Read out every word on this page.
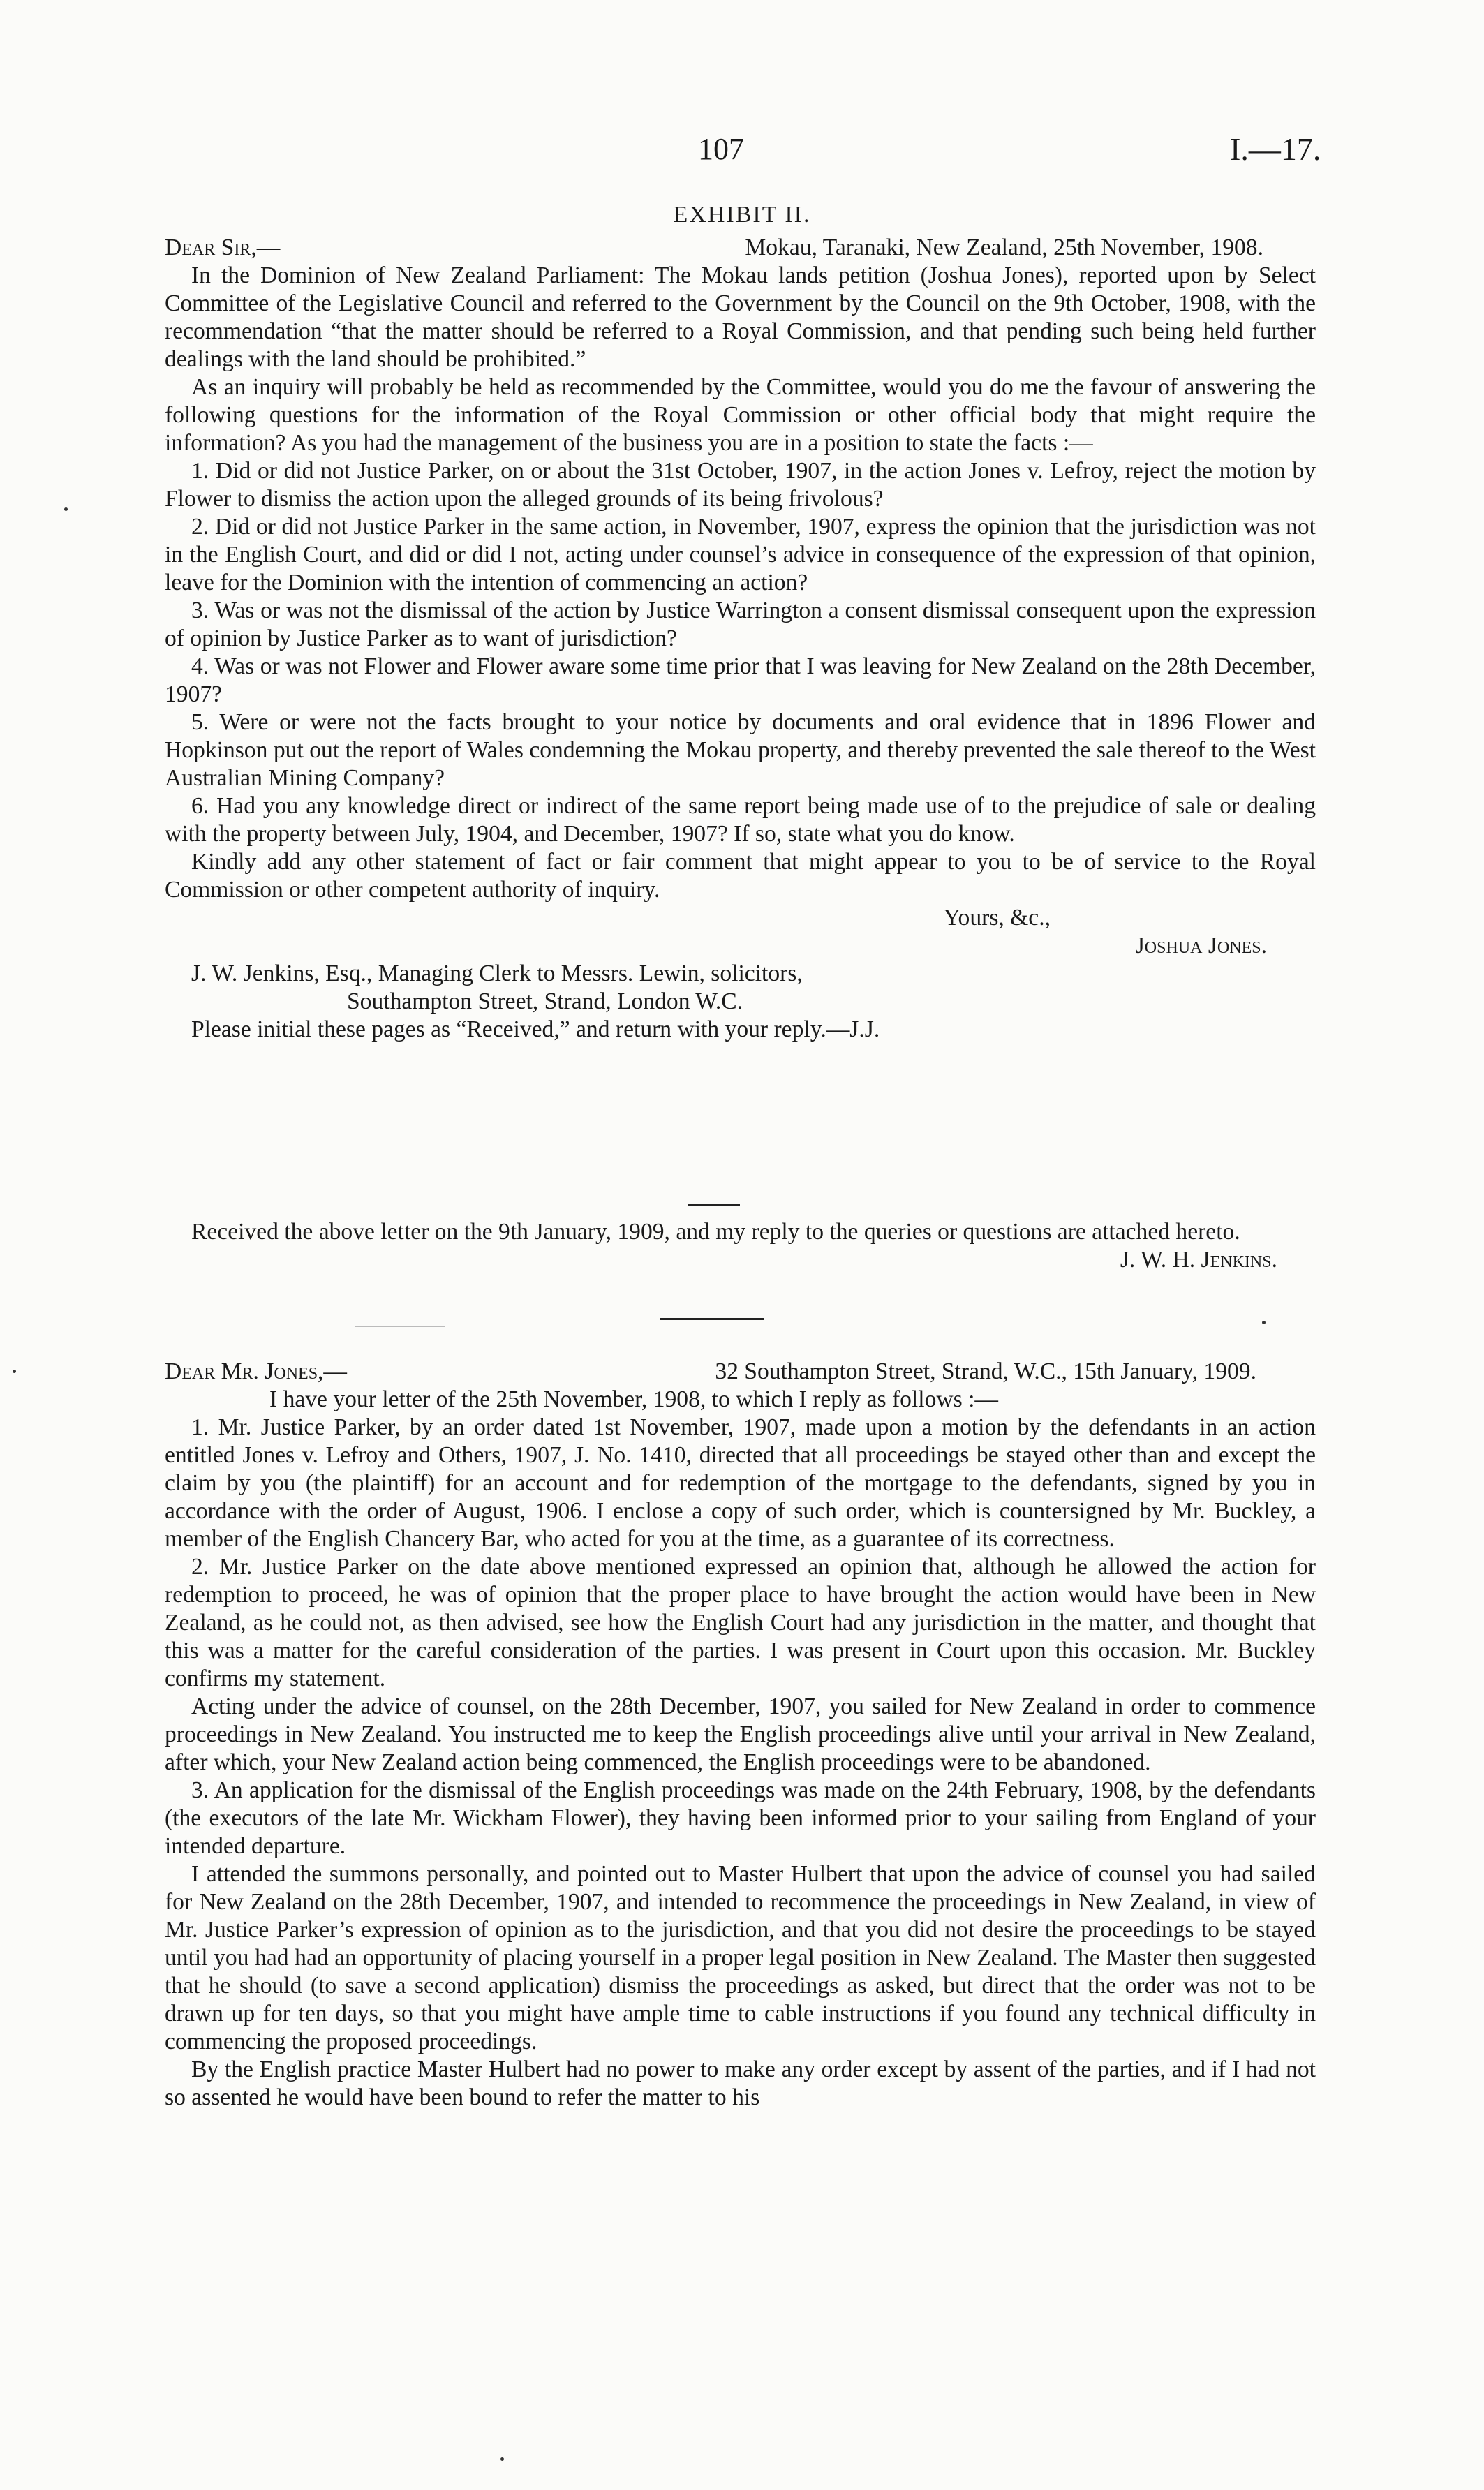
107	I.—17.
EXHIBIT II.
Dear Sir,—	Mokau, Taranaki, New Zealand, 25th November, 1908.

In the Dominion of New Zealand Parliament: The Mokau lands petition (Joshua Jones), reported upon by Select Committee of the Legislative Council and referred to the Government by the Council on the 9th October, 1908, with the recommendation “that the matter should be referred to a Royal Commission, and that pending such being held further dealings with the land should be prohibited.”

As an inquiry will probably be held as recommended by the Committee, would you do me the favour of answering the following questions for the information of the Royal Commission or other official body that might require the information? As you had the management of the business you are in a position to state the facts :—

1. Did or did not Justice Parker, on or about the 31st October, 1907, in the action Jones v. Lefroy, reject the motion by Flower to dismiss the action upon the alleged grounds of its being frivolous?

2. Did or did not Justice Parker in the same action, in November, 1907, express the opinion that the jurisdiction was not in the English Court, and did or did I not, acting under counsel’s advice in consequence of the expression of that opinion, leave for the Dominion with the intention of commencing an action?

3. Was or was not the dismissal of the action by Justice Warrington a consent dismissal consequent upon the expression of opinion by Justice Parker as to want of jurisdiction?

4. Was or was not Flower and Flower aware some time prior that I was leaving for New Zealand on the 28th December, 1907?

5. Were or were not the facts brought to your notice by documents and oral evidence that in 1896 Flower and Hopkinson put out the report of Wales condemning the Mokau property, and thereby prevented the sale thereof to the West Australian Mining Company?

6. Had you any knowledge direct or indirect of the same report being made use of to the prejudice of sale or dealing with the property between July, 1904, and December, 1907? If so, state what you do know.

Kindly add any other statement of fact or fair comment that might appear to you to be of service to the Royal Commission or other competent authority of inquiry.

Yours, &c.,
Joshua Jones.
J. W. Jenkins, Esq., Managing Clerk to Messrs. Lewin, solicitors,
Southampton Street, Strand, London W.C.
Please initial these pages as “Received,” and return with your reply.—J.J.

Received the above letter on the 9th January, 1909, and my reply to the queries or questions are attached hereto.

J. W. H. Jenkins.
Dear Mr. Jones,—	32 Southampton Street, Strand, W.C., 15th January, 1909.

I have your letter of the 25th November, 1908, to which I reply as follows :—

1. Mr. Justice Parker, by an order dated 1st November, 1907, made upon a motion by the defendants in an action entitled Jones v. Lefroy and Others, 1907, J. No. 1410, directed that all proceedings be stayed other than and except the claim by you (the plaintiff) for an account and for redemption of the mortgage to the defendants, signed by you in accordance with the order of August, 1906. I enclose a copy of such order, which is countersigned by Mr. Buckley, a member of the English Chancery Bar, who acted for you at the time, as a guarantee of its correctness.

2. Mr. Justice Parker on the date above mentioned expressed an opinion that, although he allowed the action for redemption to proceed, he was of opinion that the proper place to have brought the action would have been in New Zealand, as he could not, as then advised, see how the English Court had any jurisdiction in the matter, and thought that this was a matter for the careful consideration of the parties. I was present in Court upon this occasion. Mr. Buckley confirms my statement.

Acting under the advice of counsel, on the 28th December, 1907, you sailed for New Zealand in order to commence proceedings in New Zealand. You instructed me to keep the English proceedings alive until your arrival in New Zealand, after which, your New Zealand action being commenced, the English proceedings were to be abandoned.

3. An application for the dismissal of the English proceedings was made on the 24th February, 1908, by the defendants (the executors of the late Mr. Wickham Flower), they having been informed prior to your sailing from England of your intended departure.

I attended the summons personally, and pointed out to Master Hulbert that upon the advice of counsel you had sailed for New Zealand on the 28th December, 1907, and intended to recommence the proceedings in New Zealand, in view of Mr. Justice Parker’s expression of opinion as to the jurisdiction, and that you did not desire the proceedings to be stayed until you had had an opportunity of placing yourself in a proper legal position in New Zealand. The Master then suggested that he should (to save a second application) dismiss the proceedings as asked, but direct that the order was not to be drawn up for ten days, so that you might have ample time to cable instructions if you found any technical difficulty in commencing the proposed proceedings.

By the English practice Master Hulbert had no power to make any order except by assent of the parties, and if I had not so assented he would have been bound to refer the matter to his
